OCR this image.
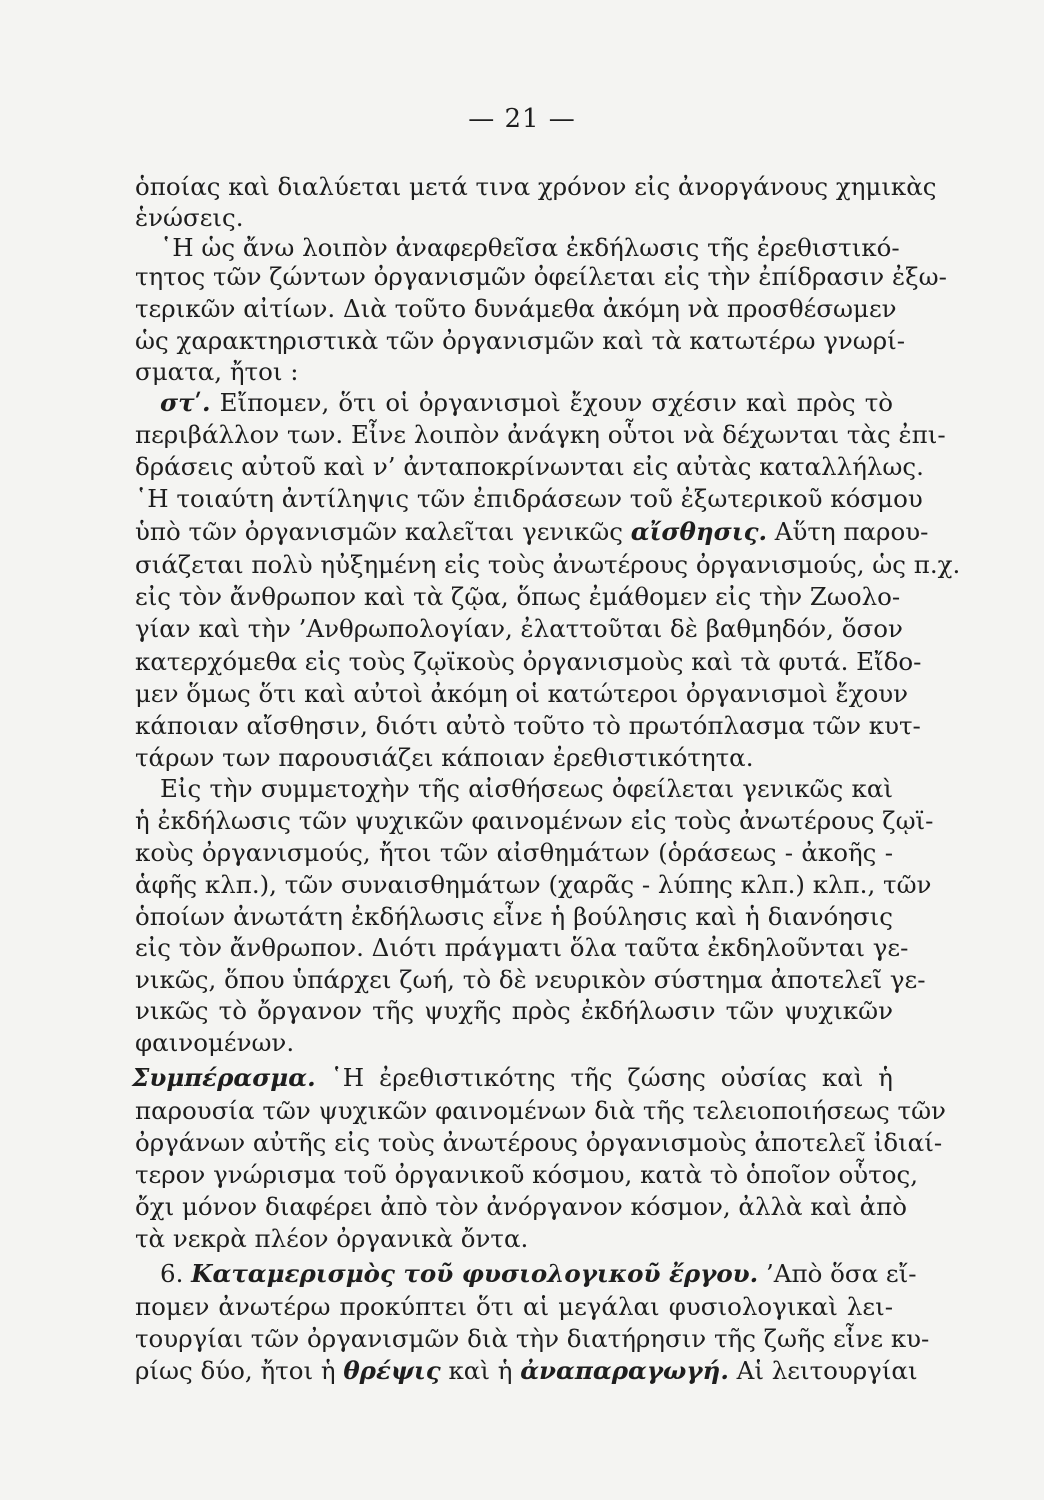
— 21 —
ὁποίας καὶ διαλύεται μετά τινα χρόνον εἰς ἀνοργάνους χημικὰς
ἑνώσεις.
῾Η ὡς ἄνω λοιπὸν ἀναφερθεῖσα ἐκδήλωσις τῆς ἐρεθιστικό-
τητος τῶν ζώντων ὀργανισμῶν ὀφείλεται εἰς τὴν ἐπίδρασιν ἐξω-
τερικῶν αἰτίων. Διὰ τοῦτο δυνάμεθα ἀκόμη νὰ προσθέσωμεν
ὡς χαρακτηριστικὰ τῶν ὀργανισμῶν καὶ τὰ κατωτέρω γνωρί-
σματα, ἤτοι :
στʹ. Εἴπομεν, ὅτι οἱ ὀργανισμοὶ ἔχουν σχέσιν καὶ πρὸς τὸ
περιβάλλον των. Εἶνε λοιπὸν ἀνάγκη οὗτοι νὰ δέχωνται τὰς ἐπι-
δράσεις αὐτοῦ καὶ ν’ ἀνταποκρίνωνται εἰς αὐτὰς καταλλήλως.
῾Η τοιαύτη ἀντίληψις τῶν ἐπιδράσεων τοῦ ἐξωτερικοῦ κόσμου
ὑπὸ τῶν ὀργανισμῶν καλεῖται γενικῶς αἴσθησις. Αὕτη παρου-
σιάζεται πολὺ ηὐξημένη εἰς τοὺς ἀνωτέρους ὀργανισμούς, ὡς π.χ.
εἰς τὸν ἄνθρωπον καὶ τὰ ζῷα, ὅπως ἐμάθομεν εἰς τὴν Ζωολο-
γίαν καὶ τὴν ’Ανθρωπολογίαν, ἐλαττοῦται δὲ βαθμηδόν, ὅσον
κατερχόμεθα εἰς τοὺς ζῳϊκοὺς ὀργανισμοὺς καὶ τὰ φυτά. Εἴδο-
μεν ὅμως ὅτι καὶ αὐτοὶ ἀκόμη οἱ κατώτεροι ὀργανισμοὶ ἔχουν
κάποιαν αἴσθησιν, διότι αὐτὸ τοῦτο τὸ πρωτόπλασμα τῶν κυτ-
τάρων των παρουσιάζει κάποιαν ἐρεθιστικότητα.
Εἰς τὴν συμμετοχὴν τῆς αἰσθήσεως ὀφείλεται γενικῶς καὶ
ἡ ἐκδήλωσις τῶν ψυχικῶν φαινομένων εἰς τοὺς ἀνωτέρους ζῳϊ-
κοὺς ὀργανισμούς, ἤτοι τῶν αἰσθημάτων (ὁράσεως - ἀκοῆς -
ἁφῆς κλπ.), τῶν συναισθημάτων (χαρᾶς - λύπης κλπ.) κλπ., τῶν
ὁποίων ἀνωτάτη ἐκδήλωσις εἶνε ἡ βούλησις καὶ ἡ διανόησις
εἰς τὸν ἄνθρωπον. Διότι πράγματι ὅλα ταῦτα ἐκδηλοῦνται γε-
νικῶς, ὅπου ὑπάρχει ζωή, τὸ δὲ νευρικὸν σύστημα ἀποτελεῖ γε-
νικῶς τὸ ὄργανον τῆς ψυχῆς πρὸς ἐκδήλωσιν τῶν ψυχικῶν
φαινομένων.
Συμπέρασμα. ῾Η ἐρεθιστικότης τῆς ζώσης οὐσίας καὶ ἡ
παρουσία τῶν ψυχικῶν φαινομένων διὰ τῆς τελειοποιήσεως τῶν
ὀργάνων αὐτῆς εἰς τοὺς ἀνωτέρους ὀργανισμοὺς ἀποτελεῖ ἰδιαί-
τερον γνώρισμα τοῦ ὀργανικοῦ κόσμου, κατὰ τὸ ὁποῖον οὗτος,
ὄχι μόνον διαφέρει ἀπὸ τὸν ἀνόργανον κόσμον, ἀλλὰ καὶ ἀπὸ
τὰ νεκρὰ πλέον ὀργανικὰ ὄντα.
6. Καταμερισμὸς τοῦ φυσιολογικοῦ ἔργου. ’Απὸ ὅσα εἴ-
πομεν ἀνωτέρω προκύπτει ὅτι αἱ μεγάλαι φυσιολογικαὶ λει-
τουργίαι τῶν ὀργανισμῶν διὰ τὴν διατήρησιν τῆς ζωῆς εἶνε κυ-
ρίως δύο, ἤτοι ἡ θρέψις καὶ ἡ ἀναπαραγωγή. Αἱ λειτουργίαι
